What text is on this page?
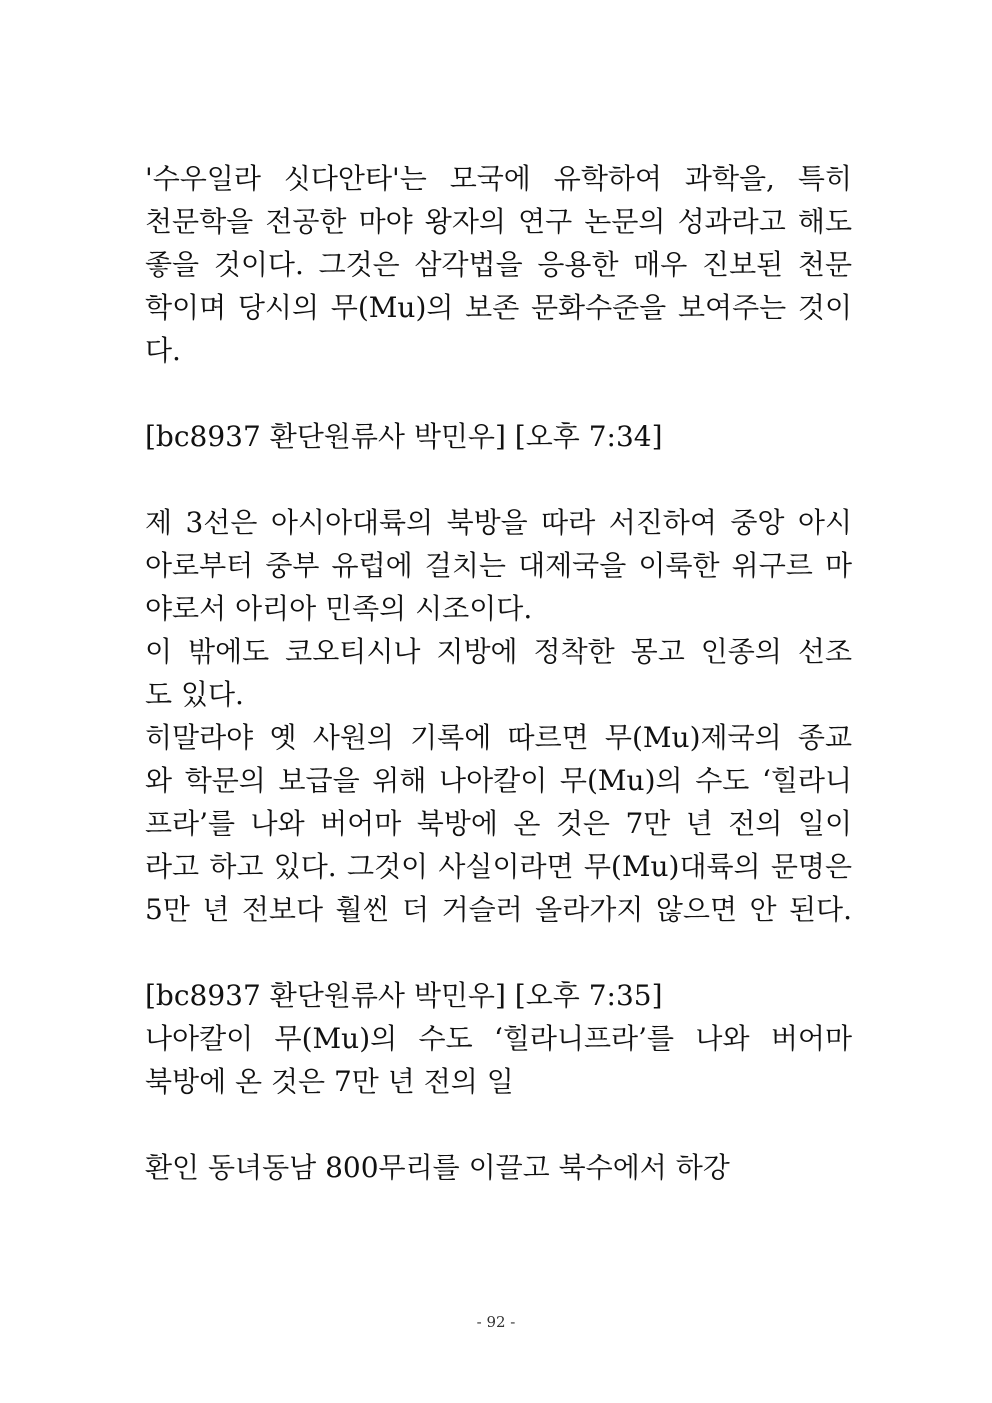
'수우일라 싯다안타'는 모국에 유학하여 과학을, 특히
천문학을 전공한 마야 왕자의 연구 논문의 성과라고 해도
좋을 것이다. 그것은 삼각법을 응용한 매우 진보된 천문
학이며 당시의 무(Mu)의 보존 문화수준을 보여주는 것이
다.
[bc8937 환단원류사 박민우] [오후 7:34]
제 3선은 아시아대륙의 북방을 따라 서진하여 중앙 아시
아로부터 중부 유럽에 걸치는 대제국을 이룩한 위구르 마
야로서 아리아 민족의 시조이다.
이 밖에도 코오티시나 지방에 정착한 몽고 인종의 선조
도 있다.
히말라야 옛 사원의 기록에 따르면 무(Mu)제국의 종교
와 학문의 보급을 위해 나아칼이 무(Mu)의 수도 ‘힐라니
프라’를 나와 버어마 북방에 온 것은 7만 년 전의 일이
라고 하고 있다. 그것이 사실이라면 무(Mu)대륙의 문명은
5만 년 전보다 훨씬 더 거슬러 올라가지 않으면 안 된다.
[bc8937 환단원류사 박민우] [오후 7:35]
나아칼이 무(Mu)의 수도 ‘힐라니프라’를 나와 버어마
북방에 온 것은 7만 년 전의 일
환인 동녀동남 800무리를 이끌고 북수에서 하강
- 92 -
